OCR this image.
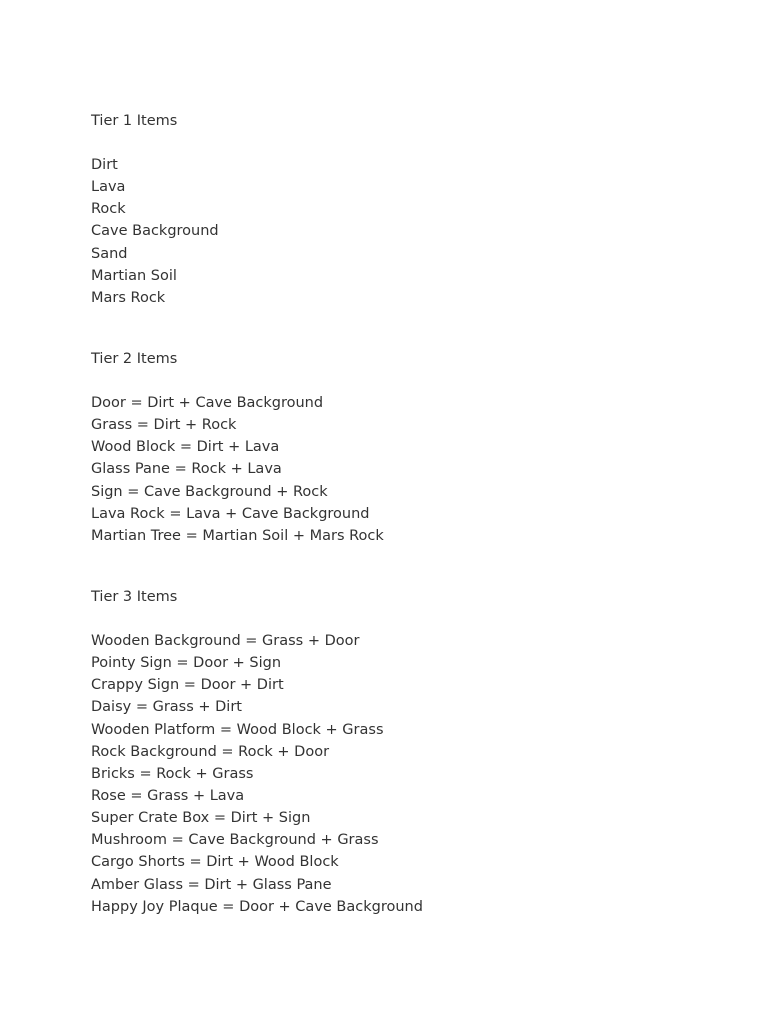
Tier 1 Items
Dirt
Lava
Rock
Cave Background
Sand
Martian Soil
Mars Rock
Tier 2 Items
Door = Dirt + Cave Background
Grass = Dirt + Rock
Wood Block = Dirt + Lava
Glass Pane = Rock + Lava
Sign = Cave Background + Rock
Lava Rock = Lava + Cave Background
Martian Tree = Martian Soil + Mars Rock
Tier 3 Items
Wooden Background = Grass + Door
Pointy Sign = Door + Sign
Crappy Sign = Door + Dirt
Daisy = Grass + Dirt
Wooden Platform = Wood Block + Grass
Rock Background = Rock + Door
Bricks = Rock + Grass
Rose = Grass + Lava
Super Crate Box = Dirt + Sign
Mushroom = Cave Background + Grass
Cargo Shorts = Dirt + Wood Block
Amber Glass = Dirt + Glass Pane
Happy Joy Plaque = Door + Cave Background
